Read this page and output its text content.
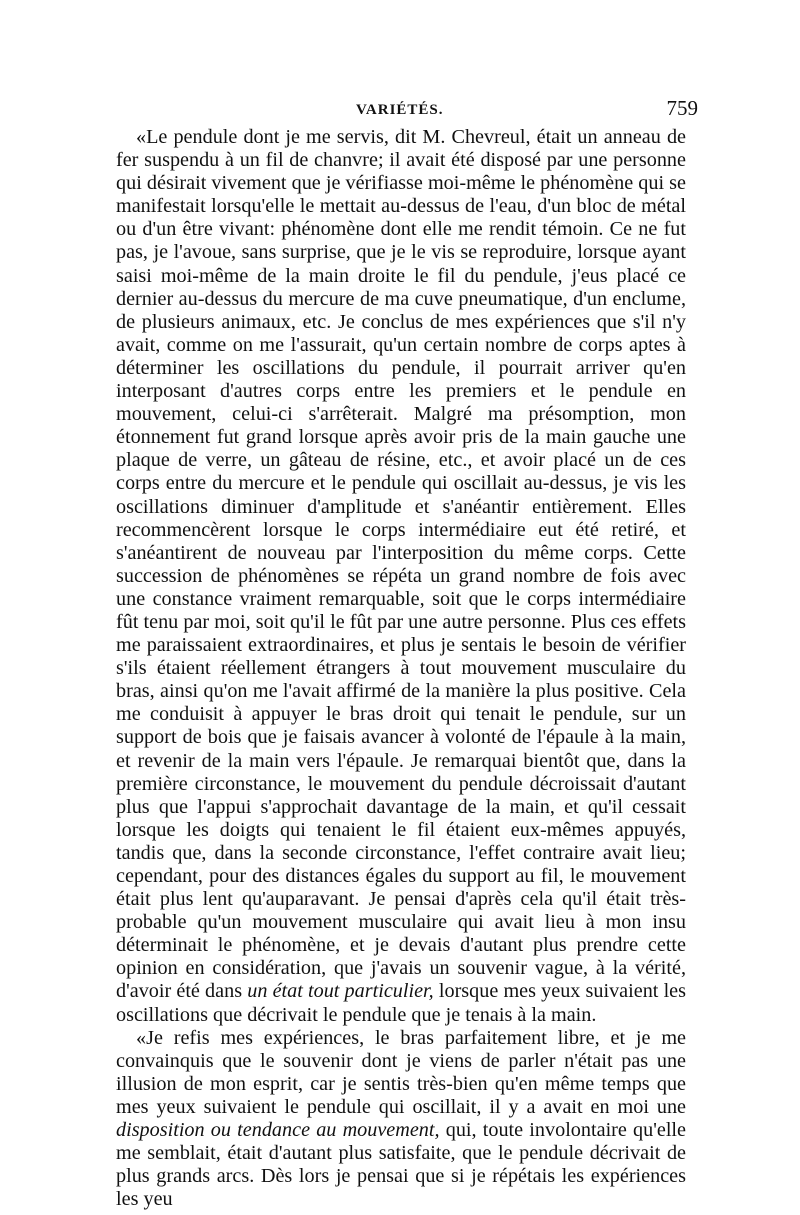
VARIÉTÉS.	759

«Le pendule dont je me servis, dit M. Chevreul, était un anneau de fer suspendu à un fil de chanvre; il avait été disposé par une personne qui désirait vivement que je vérifiasse moi-même le phénomène qui se manifestait lorsqu'elle le mettait au-dessus de l'eau, d'un bloc de métal ou d'un être vivant: phénomène dont elle me rendit témoin. Ce ne fut pas, je l'avoue, sans surprise, que je le vis se reproduire, lorsque ayant saisi moi-même de la main droite le fil du pendule, j'eus placé ce dernier au-dessus du mercure de ma cuve pneumatique, d'un enclume, de plusieurs animaux, etc. Je conclus de mes expériences que s'il n'y avait, comme on me l'assurait, qu'un certain nombre de corps aptes à déterminer les oscillations du pendule, il pourrait arriver qu'en interposant d'autres corps entre les premiers et le pendule en mouvement, celui-ci s'arrêterait. Malgré ma présomption, mon étonnement fut grand lorsque après avoir pris de la main gauche une plaque de verre, un gâteau de résine, etc., et avoir placé un de ces corps entre du mercure et le pendule qui oscillait au-dessus, je vis les oscillations diminuer d'amplitude et s'anéantir entièrement. Elles recommencèrent lorsque le corps intermédiaire eut été retiré, et s'anéantirent de nouveau par l'interposition du même corps. Cette succession de phénomènes se répéta un grand nombre de fois avec une constance vraiment remarquable, soit que le corps intermédiaire fût tenu par moi, soit qu'il le fût par une autre personne. Plus ces effets me paraissaient extraordinaires, et plus je sentais le besoin de vérifier s'ils étaient réellement étrangers à tout mouvement musculaire du bras, ainsi qu'on me l'avait affirmé de la manière la plus positive. Cela me conduisit à appuyer le bras droit qui tenait le pendule, sur un support de bois que je faisais avancer à volonté de l'épaule à la main, et revenir de la main vers l'épaule. Je remarquai bientôt que, dans la première circonstance, le mouvement du pendule décroissait d'autant plus que l'appui s'approchait davantage de la main, et qu'il cessait lorsque les doigts qui tenaient le fil étaient eux-mêmes appuyés, tandis que, dans la seconde circonstance, l'effet contraire avait lieu; cependant, pour des distances égales du support au fil, le mouvement était plus lent qu'auparavant. Je pensai d'après cela qu'il était très-probable qu'un mouvement musculaire qui avait lieu à mon insu déterminait le phénomène, et je devais d'autant plus prendre cette opinion en considération, que j'avais un souvenir vague, à la vérité, d'avoir été dans un état tout particulier, lorsque mes yeux suivaient les oscillations que décrivait le pendule que je tenais à la main.

«Je refis mes expériences, le bras parfaitement libre, et je me convainquis que le souvenir dont je viens de parler n'était pas une illusion de mon esprit, car je sentis très-bien qu'en même temps que mes yeux suivaient le pendule qui oscillait, il y a avait en moi une disposition ou tendance au mouvement, qui, toute involontaire qu'elle me semblait, était d'autant plus satisfaite, que le pendule décrivait de plus grands arcs. Dès lors je pensai que si je répétais les expériences les yeu
